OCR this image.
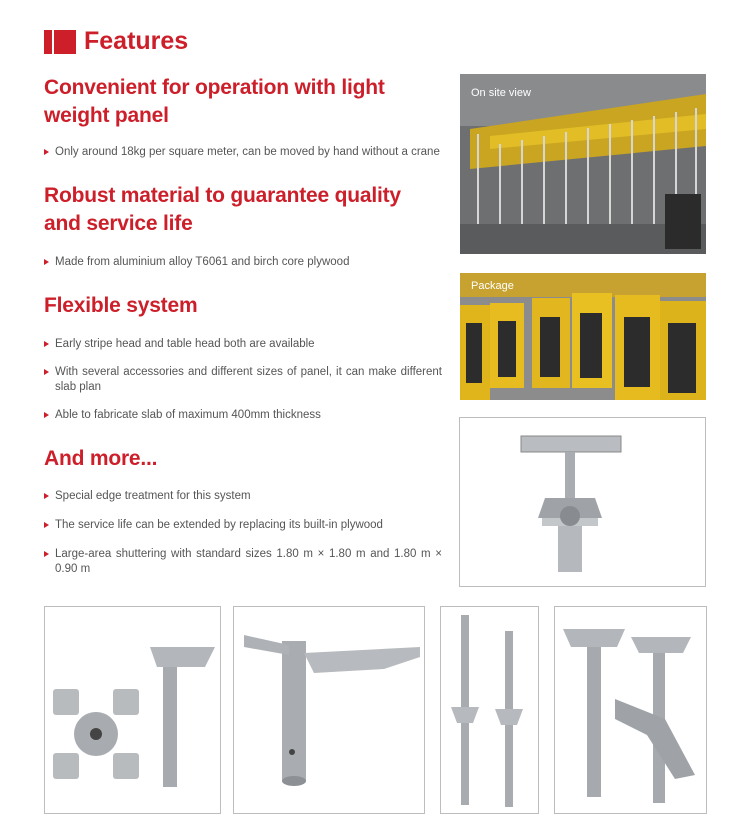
Features
Convenient for operation with light weight panel
Only around 18kg per square meter, can be moved by hand without a crane
Robust material to guarantee quality and service life
Made from aluminium alloy T6061 and birch core plywood
Flexible system
Early stripe head and table head both are available
With several accessories and different sizes of panel, it can make different slab plan
Able to fabricate slab of maximum 400mm thickness
And more...
Special edge treatment for this system
The service life can be extended by replacing its built-in plywood
Large-area shuttering with standard sizes 1.80 m × 1.80 m and 1.80 m × 0.90 m
On site view
Package
